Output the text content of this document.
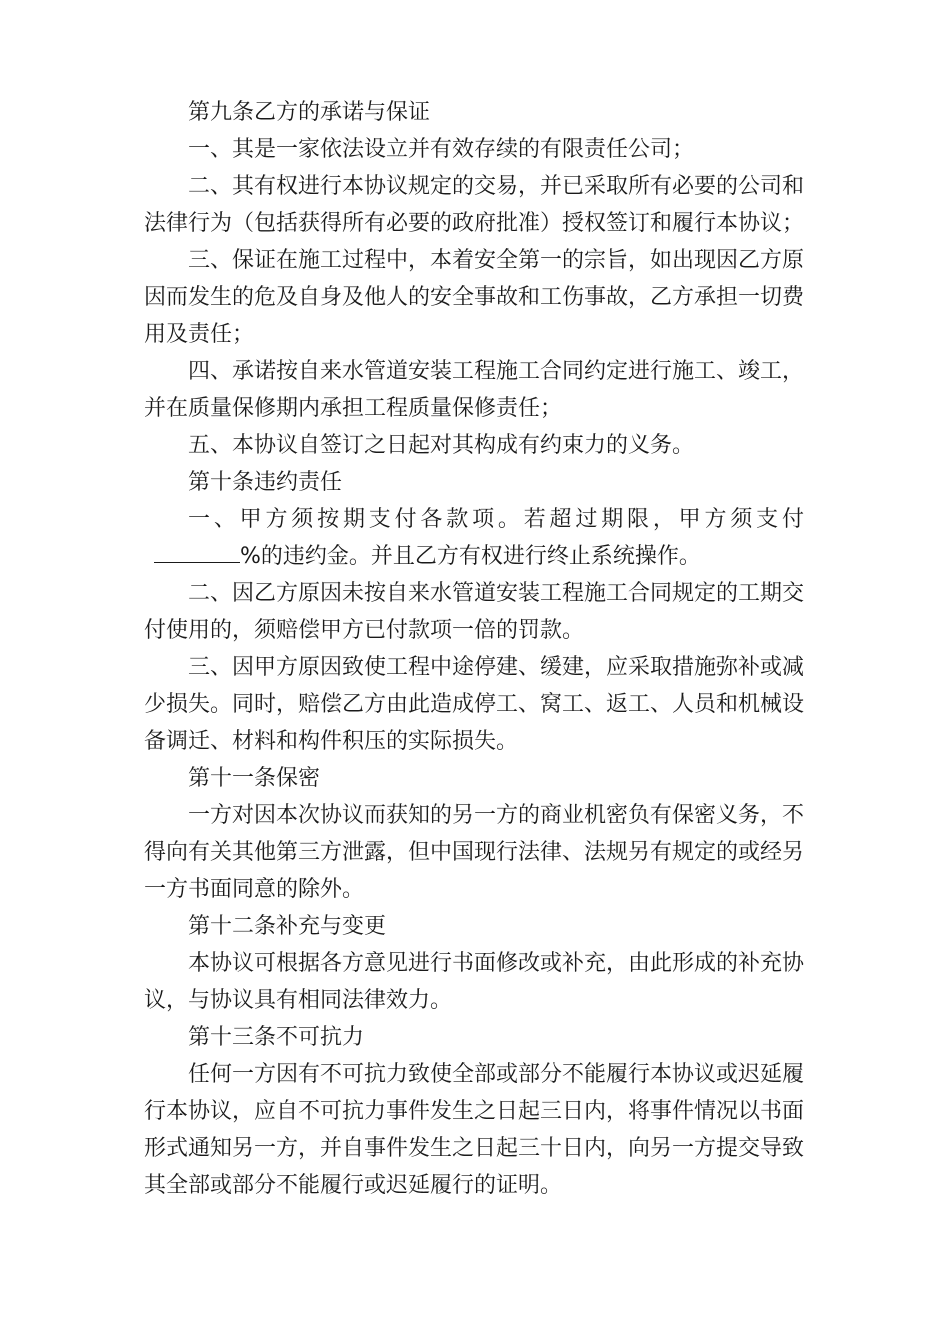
第九条乙方的承诺与保证

一、其是一家依法设立并有效存续的有限责任公司；

二、其有权进行本协议规定的交易，并已采取所有必要的公司和法律行为（包括获得所有必要的政府批准）授权签订和履行本协议；

三、保证在施工过程中，本着安全第一的宗旨，如出现因乙方原因而发生的危及自身及他人的安全事故和工伤事故，乙方承担一切费用及责任；

四、承诺按自来水管道安装工程施工合同约定进行施工、竣工，并在质量保修期内承担工程质量保修责任；

五、本协议自签订之日起对其构成有约束力的义务。

第十条违约责任

一、甲方须按期支付各款项。若超过期限，甲方须支付%的违约金。并且乙方有权进行终止系统操作。

二、因乙方原因未按自来水管道安装工程施工合同规定的工期交付使用的，须赔偿甲方已付款项一倍的罚款。

三、因甲方原因致使工程中途停建、缓建，应采取措施弥补或减少损失。同时，赔偿乙方由此造成停工、窝工、返工、人员和机械设备调迁、材料和构件积压的实际损失。

第十一条保密

一方对因本次协议而获知的另一方的商业机密负有保密义务，不得向有关其他第三方泄露，但中国现行法律、法规另有规定的或经另一方书面同意的除外。

第十二条补充与变更

本协议可根据各方意见进行书面修改或补充，由此形成的补充协议，与协议具有相同法律效力。

第十三条不可抗力

任何一方因有不可抗力致使全部或部分不能履行本协议或迟延履行本协议，应自不可抗力事件发生之日起三日内，将事件情况以书面形式通知另一方，并自事件发生之日起三十日内，向另一方提交导致其全部或部分不能履行或迟延履行的证明。
